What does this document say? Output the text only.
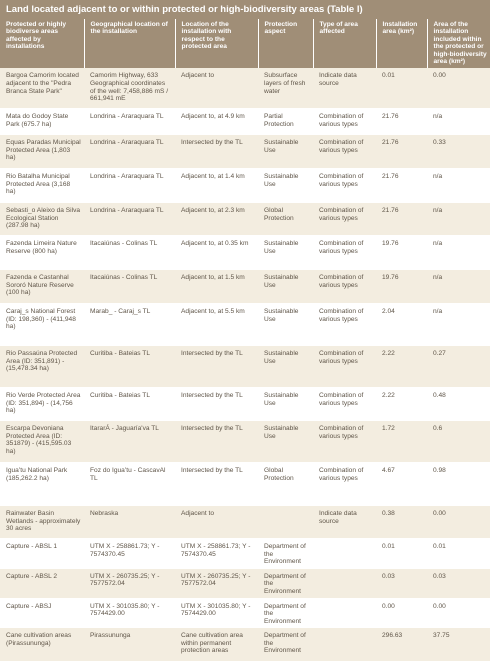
Land located adjacent to or within protected or high-biodiversity areas (Table I)
Protected or highly biodiverse areas affected by installations	Geographical location of the installation	Location of the installation with respect to the protected area	Protection aspect	Type of area affected	Installation area (km²)	Area of the installation included within the protected or high-biodiversity area (km²)
Bargoa Camorim located adjacent to the "Pedra Branca State Park"	Camorim Highway, 633 Geographical coordinates of the well: 7,458,886 mS / 661,941 mE	Adjacent to	Subsurface layers of fresh water	Indicate data source	0.01	0.00
Mata do Godoy State Park (675.7 ha)	Londrina - Araraquara TL	Adjacent to, at 4.9 km	Partial Protection	Combination of various types	21.76	n/a
Equas Paradas Municipal Protected Area (1,803 ha)	Londrina - Araraquara TL	Intersected by the TL	Sustainable Use	Combination of various types	21.76	0.33
Rio Batalha Municipal Protected Area (3,168 ha)	Londrina - Araraquara TL	Adjacent to, at 1.4 km	Sustainable Use	Combination of various types	21.76	n/a
Sebasti_o Aleixo da Silva Ecological Station (287.98 ha)	Londrina - Araraquara TL	Adjacent to, at 2.3 km	Global Protection	Combination of various types	21.76	n/a
Fazenda Limeira Nature Reserve (800 ha)	Itacaiúnas - Colinas TL	Adjacent to, at 0.35 km	Sustainable Use	Combination of various types	19.76	n/a
Fazenda e Castanhal Sororó Nature Reserve (100 ha)	Itacaiúnas - Colinas TL	Adjacent to, at 1.5 km	Sustainable Use	Combination of various types	19.76	n/a
Caraj_s National Forest (ID: 198,360) - (411,948 ha)	Marab_ - Caraj_s TL	Adjacent to, at 5.5 km	Sustainable Use	Combination of various types	2.04	n/a
Rio Passaúna Protected Area (ID: 351,891) - (15,478.34 ha)	Curitiba - Bateias TL	Intersected by the TL	Sustainable Use	Combination of various types	2.22	0.27
Rio Verde Protected Area (ID: 351,894) - (14,756 ha)	Curitiba - Bateias TL	Intersected by the TL	Sustainable Use	Combination of various types	2.22	0.48
Escarpa Devoniana Protected Area (ID: 351879) - (415,595.03 ha)	ItararÁ - Jaguaría'va TL	Intersected by the TL	Sustainable Use	Combination of various types	1.72	0.6
Iguaʻtu National Park (185,262.2 ha)	Foz do Iguaʻtu - CascavAl TL	Intersected by the TL	Global Protection	Combination of various types	4.67	0.98
Rainwater Basin Wetlands - approximately 30 acres	Nebraska	Adjacent to		Indicate data source	0.38	0.00
Capture - ABSL 1	UTM X - 258861.73; Y - 7574370.45	UTM X - 258861.73; Y - 7574370.45	Department of the Environment		0.01	0.01
Capture - ABSL 2	UTM X - 260735.25; Y - 7577572.04	UTM X - 260735.25; Y - 7577572.04	Department of the Environment		0.03	0.03
Capture - ABSJ	UTM X - 301035.80; Y - 7574429.00	UTM X - 301035.80; Y - 7574429.00	Department of the Environment		0.00	0.00
Cane cultivation areas (Pirassununga)	Pirassununga	Cane cultivation area within permanent protection areas	Department of the Environment		296.63	37.75
